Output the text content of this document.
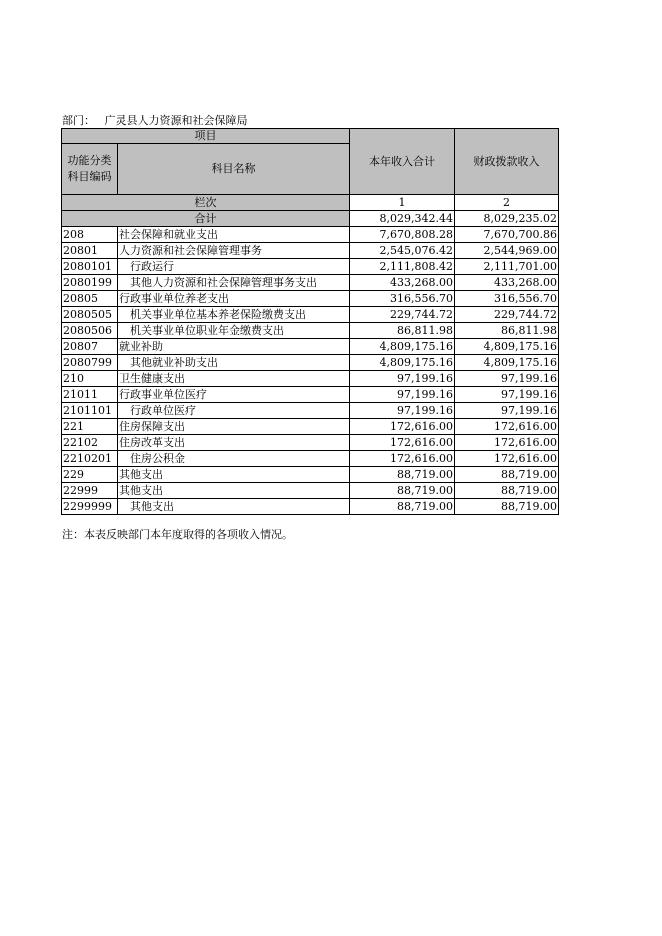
部门： 广灵县人力资源和社会保障局
项目		本年收入合计	财政拨款收入
功能分类
科目编码	科目名称		
栏次		1	2
合计		8,029,342.44	8,029,235.02
208	社会保障和就业支出	7,670,808.28	7,670,700.86
20801	人力资源和社会保障管理事务	2,545,076.42	2,544,969.00
2080101	行政运行	2,111,808.42	2,111,701.00
2080199	其他人力资源和社会保障管理事务支出	433,268.00	433,268.00
20805	行政事业单位养老支出	316,556.70	316,556.70
2080505	机关事业单位基本养老保险缴费支出	229,744.72	229,744.72
2080506	机关事业单位职业年金缴费支出	86,811.98	86,811.98
20807	就业补助	4,809,175.16	4,809,175.16
2080799	其他就业补助支出	4,809,175.16	4,809,175.16
210	卫生健康支出	97,199.16	97,199.16
21011	行政事业单位医疗	97,199.16	97,199.16
2101101	行政单位医疗	97,199.16	97,199.16
221	住房保障支出	172,616.00	172,616.00
22102	住房改革支出	172,616.00	172,616.00
2210201	住房公积金	172,616.00	172,616.00
229	其他支出	88,719.00	88,719.00
22999	其他支出	88,719.00	88,719.00
2299999	其他支出	88,719.00	88,719.00
注：本表反映部门本年度取得的各项收入情况。
